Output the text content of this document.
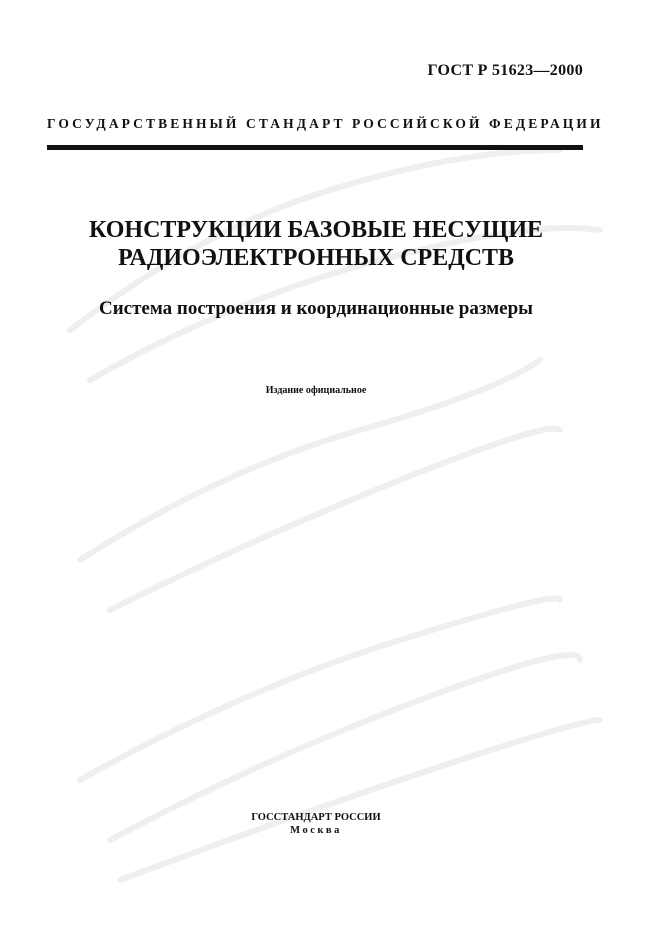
ГОСТ Р 51623—2000
ГОСУДАРСТВЕННЫЙ СТАНДАРТ РОССИЙСКОЙ ФЕДЕРАЦИИ
КОНСТРУКЦИИ БАЗОВЫЕ НЕСУЩИЕ
РАДИОЭЛЕКТРОННЫХ СРЕДСТВ
Система построения и координационные размеры
Издание официальное
ГОССТАНДАРТ РОССИИ
Москва
